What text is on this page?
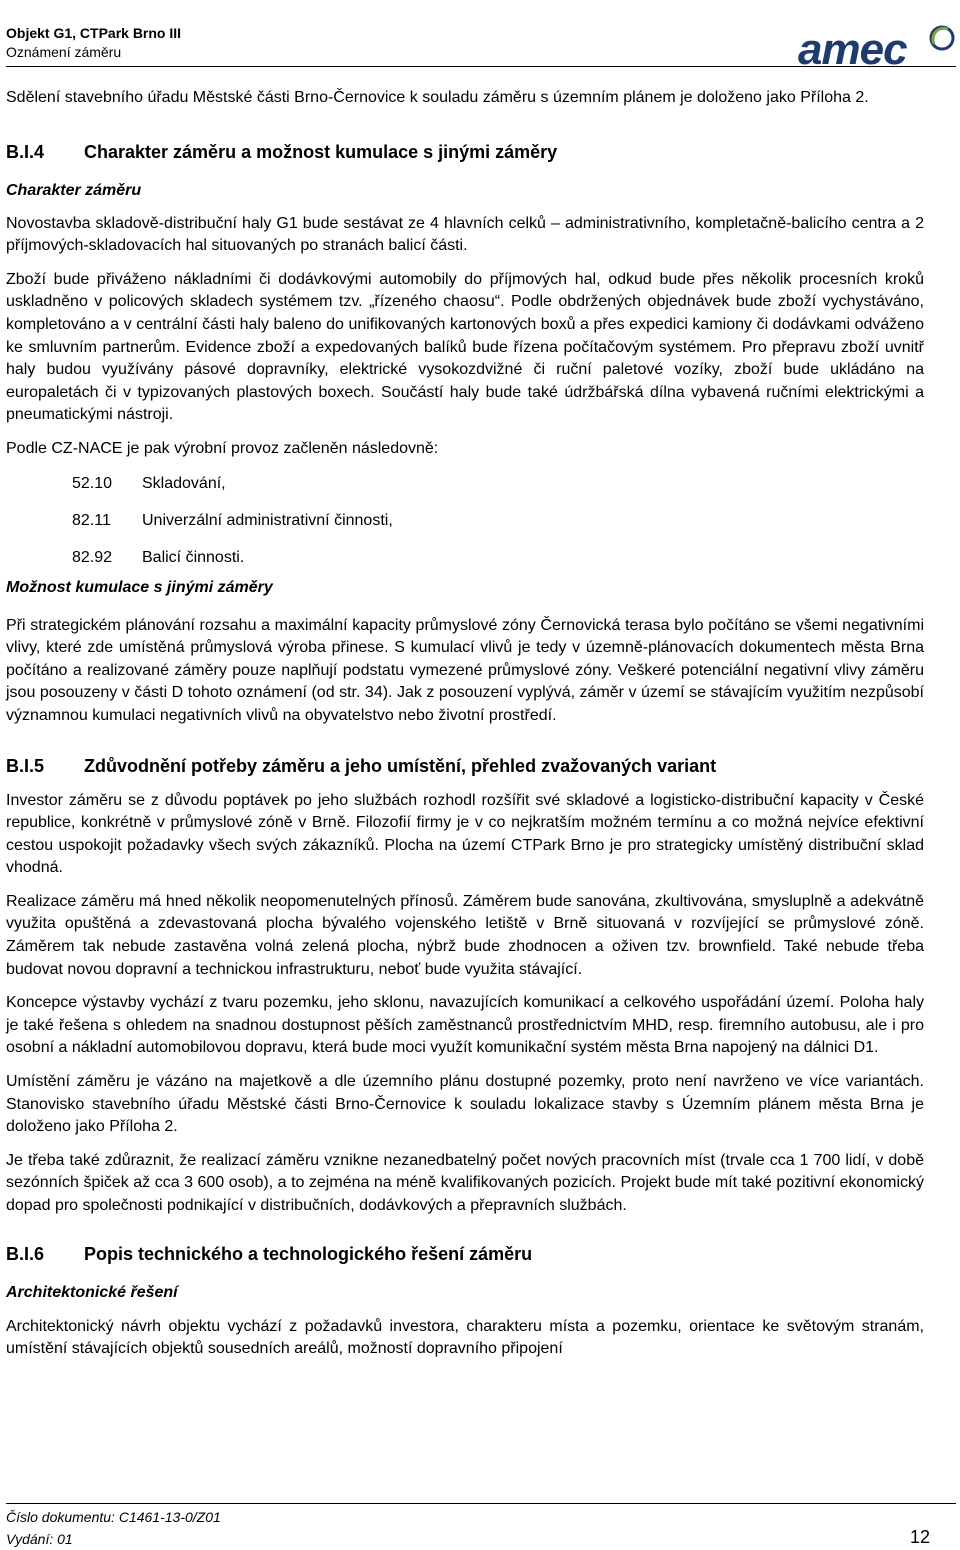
Objekt G1, CTPark Brno III
Oznámení záměru	amec

Sdělení stavebního úřadu Městské části Brno-Černovice k souladu záměru s územním plánem je doloženo jako Příloha 2.

B.I.4 Charakter záměru a možnost kumulace s jinými záměry
Charakter záměru

Novostavba skladově-distribuční haly G1 bude sestávat ze 4 hlavních celků – administrativního, kompletačně-balicího centra a 2 příjmových-skladovacích hal situovaných po stranách balicí části.

Zboží bude přiváženo nákladními či dodávkovými automobily do příjmových hal, odkud bude přes několik procesních kroků uskladněno v policových skladech systémem tzv. „řízeného chaosu“. Podle obdržených objednávek bude zboží vychystáváno, kompletováno a v centrální části haly baleno do unifikovaných kartonových boxů a přes expedici kamiony či dodávkami odváženo ke smluvním partnerům. Evidence zboží a expedovaných balíků bude řízena počítačovým systémem. Pro přepravu zboží uvnitř haly budou využívány pásové dopravníky, elektrické vysokozdvižné či ruční paletové vozíky, zboží bude ukládáno na europaletách či v typizovaných plastových boxech. Součástí haly bude také údržbářská dílna vybavená ručními elektrickými a pneumatickými nástroji.

Podle CZ-NACE je pak výrobní provoz začleněn následovně:

52.10 Skladování,
82.11 Univerzální administrativní činnosti,
82.92 Balicí činnosti.
Možnost kumulace s jinými záměry

Při strategickém plánování rozsahu a maximální kapacity průmyslové zóny Černovická terasa bylo počítáno se všemi negativními vlivy, které zde umístěná průmyslová výroba přinese. S kumulací vlivů je tedy v územně-plánovacích dokumentech města Brna počítáno a realizované záměry pouze naplňují podstatu vymezené průmyslové zóny. Veškeré potenciální negativní vlivy záměru jsou posouzeny v části D tohoto oznámení (od str. 34). Jak z posouzení vyplývá, záměr v území se stávajícím využitím nezpůsobí významnou kumulaci negativních vlivů na obyvatelstvo nebo životní prostředí.

B.I.5 Zdůvodnění potřeby záměru a jeho umístění, přehled zvažovaných variant

Investor záměru se z důvodu poptávek po jeho službách rozhodl rozšířit své skladové a logisticko-distribuční kapacity v České republice, konkrétně v průmyslové zóně v Brně. Filozofií firmy je v co nejkratším možném termínu a co možná nejvíce efektivní cestou uspokojit požadavky všech svých zákazníků. Plocha na území CTPark Brno je pro strategicky umístěný distribuční sklad vhodná.

Realizace záměru má hned několik neopomenutelných přínosů. Záměrem bude sanována, zkultivována, smysluplně a adekvátně využita opuštěná a zdevastovaná plocha bývalého vojenského letiště v Brně situovaná v rozvíjející se průmyslové zóně. Záměrem tak nebude zastavěna volná zelená plocha, nýbrž bude zhodnocen a oživen tzv. brownfield. Také nebude třeba budovat novou dopravní a technickou infrastrukturu, neboť bude využita stávající.

Koncepce výstavby vychází z tvaru pozemku, jeho sklonu, navazujících komunikací a celkového uspořádání území. Poloha haly je také řešena s ohledem na snadnou dostupnost pěších zaměstnanců prostřednictvím MHD, resp. firemního autobusu, ale i pro osobní a nákladní automobilovou dopravu, která bude moci využít komunikační systém města Brna napojený na dálnici D1.

Umístění záměru je vázáno na majetkově a dle územního plánu dostupné pozemky, proto není navrženo ve více variantách. Stanovisko stavebního úřadu Městské části Brno-Černovice k souladu lokalizace stavby s Územním plánem města Brna je doloženo jako Příloha 2.

Je třeba také zdůraznit, že realizací záměru vznikne nezanedbatelný počet nových pracovních míst (trvale cca 1 700 lidí, v době sezónních špiček až cca 3 600 osob), a to zejména na méně kvalifikovaných pozicích. Projekt bude mít také pozitivní ekonomický dopad pro společnosti podnikající v distribučních, dodávkových a přepravních službách.

B.I.6 Popis technického a technologického řešení záměru
Architektonické řešení

Architektonický návrh objektu vychází z požadavků investora, charakteru místa a pozemku, orientace ke světovým stranám, umístění stávajících objektů sousedních areálů, možností dopravního připojení

Číslo dokumentu: C1461-13-0/Z01
Vydání: 01	12
